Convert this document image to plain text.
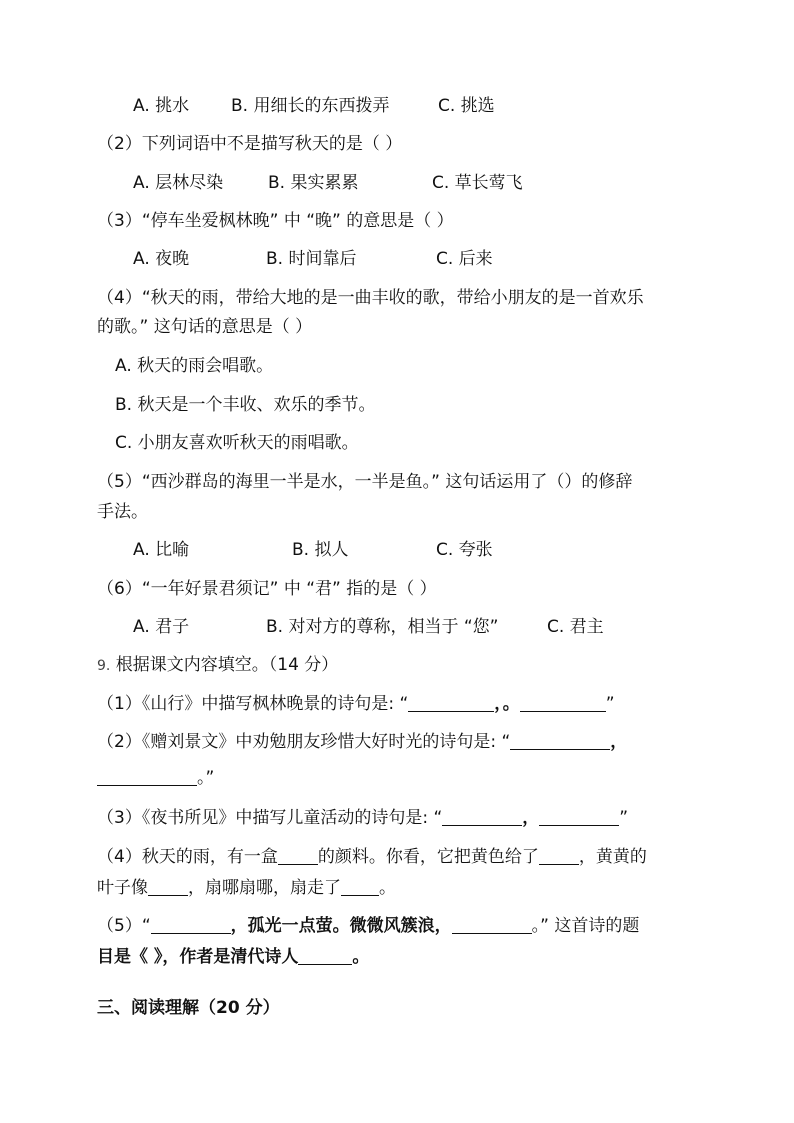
A. 挑水 B. 用细长的东西拨弄	C. 挑选
（2）下列词语中不是描写秋天的是（ ）
A. 层林尽染	B. 果实累累	C. 草长莺飞
（3）“停车坐爱枫林晚” 中 “晚” 的意思是（ ）
A. 夜晚	B. 时间靠后	C. 后来
（4）“秋天的雨，带给大地的是一曲丰收的歌，带给小朋友的是一首欢乐
的歌。” 这句话的意思是（ ）
A. 秋天的雨会唱歌。
B. 秋天是一个丰收、欢乐的季节。
C. 小朋友喜欢听秋天的雨唱歌。
（5）“西沙群岛的海里一半是水，一半是鱼。” 这句话运用了（）的修辞
手法。
A. 比喻	B. 拟人	C. 夸张
（6）“一年好景君须记” 中 “君” 指的是（ ）
A. 君子	B. 对对方的尊称，相当于 “您”	C. 君主
9. 根据课文内容填空。（14 分）
（1）《山行》中描写枫林晚景的诗句是: “	，。	”
（2）《赠刘景文》中劝勉朋友珍惜大好时光的诗句是: “	，
。”
（3）《夜书所见》中描写儿童活动的诗句是: “	，	”
（4）秋天的雨，有一盒 的颜料。你看，它把黄色给了 ，黄黄的
叶子像 ，扇哪扇哪，扇走了 。
（5）“	，孤光一点萤。微微风簇浪，	。” 这首诗的题
目是《 》，作者是清代诗人	。
三、阅读理解（20 分）
